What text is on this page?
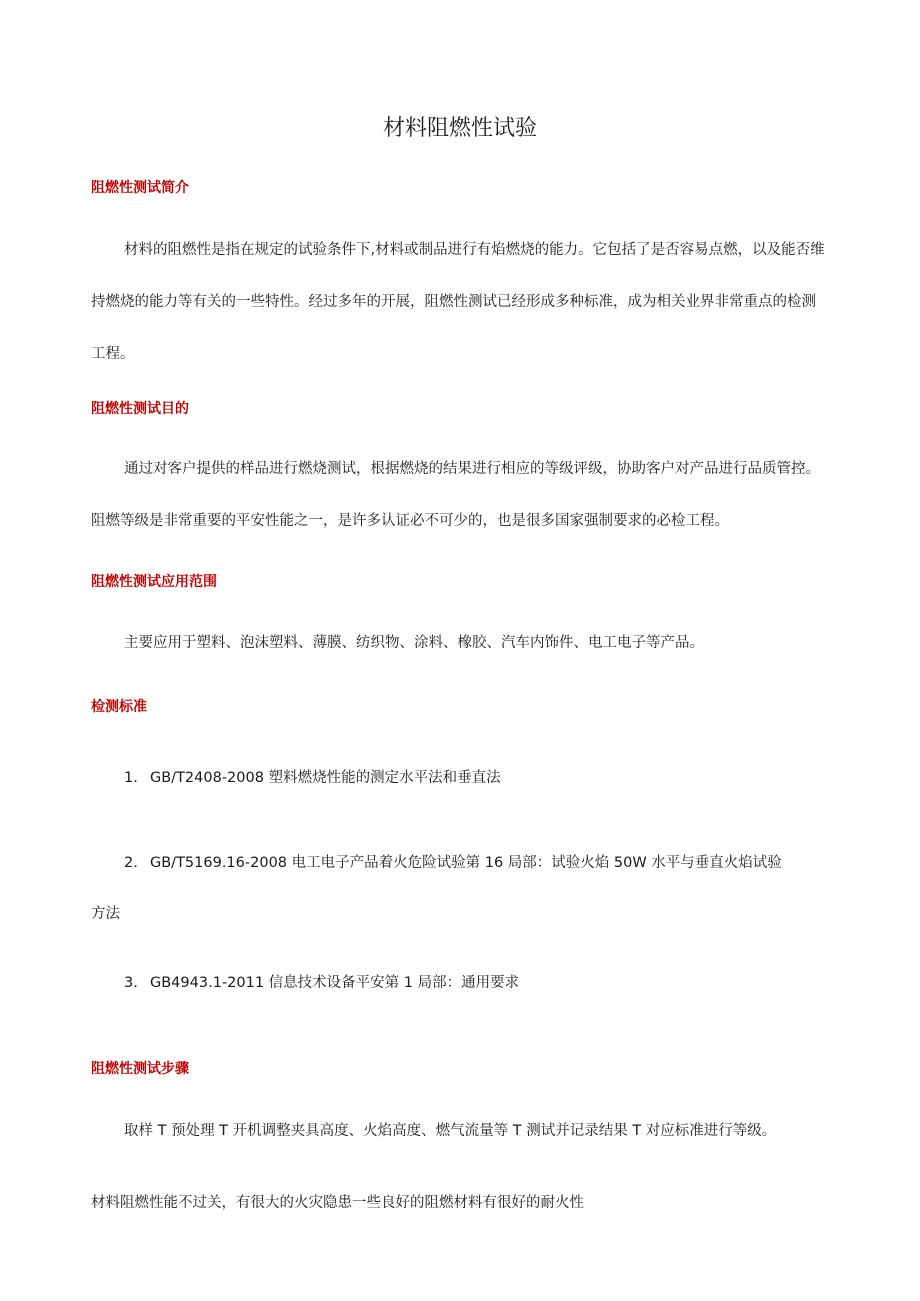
材料阻燃性试验
阻燃性测试简介
材料的阻燃性是指在规定的试验条件下,材料或制品进行有焰燃烧的能力。它包括了是否容易点燃，以及能否维持燃烧的能力等有关的一些特性。经过多年的开展，阻燃性测试已经形成多种标准，成为相关业界非常重点的检测工程。
阻燃性测试目的
通过对客户提供的样品进行燃烧测试，根据燃烧的结果进行相应的等级评级，协助客户对产品进行品质管控。阻燃等级是非常重要的平安性能之一，是许多认证必不可少的，也是很多国家强制要求的必检工程。
阻燃性测试应用范围
主要应用于塑料、泡沫塑料、薄膜、纺织物、涂料、橡胶、汽车内饰件、电工电子等产品。
检测标准
1. GB/T2408-2008 塑料燃烧性能的测定水平法和垂直法
2. GB/T5169.16-2008 电工电子产品着火危险试验第 16 局部：试验火焰 50W 水平与垂直火焰试验
方法
3. GB4943.1-2011 信息技术设备平安第 1 局部：通用要求
阻燃性测试步骤
取样 T 预处理 T 开机调整夹具高度、火焰高度、燃气流量等 T 测试并记录结果 T 对应标准进行等级。
材料阻燃性能不过关，有很大的火灾隐患一些良好的阻燃材料有很好的耐火性
